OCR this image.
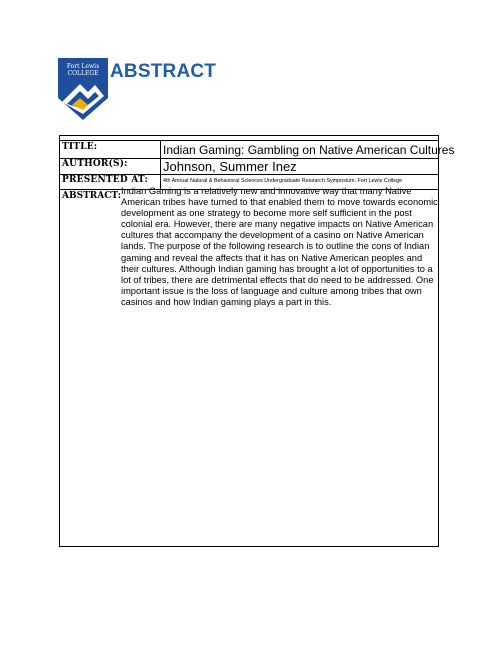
Fort Lewis
COLLEGE ABSTRACT
TITLE:	Indian Gaming: Gambling on Native American Cultures
AUTHOR(S):	Johnson, Summer Inez
PRESENTED AT:	4th Annual Natural & Behavioral Sciences Undergraduate Research Symposium, Fort Lewis College
ABSTRACT: Indian Gaming is a relatively new and innovative way that many Native American tribes have turned to that enabled them to move towards economic development as one strategy to become more self sufficient in the post colonial era. However, there are many negative impacts on Native American cultures that accompany the development of a casino on Native American lands. The purpose of the following research is to outline the cons of Indian gaming and reveal the affects that it has on Native American peoples and their cultures. Although Indian gaming has brought a lot of opportunities to a lot of tribes, there are detrimental effects that do need to be addressed. One important issue is the loss of language and culture among tribes that own casinos and how Indian gaming plays a part in this.
